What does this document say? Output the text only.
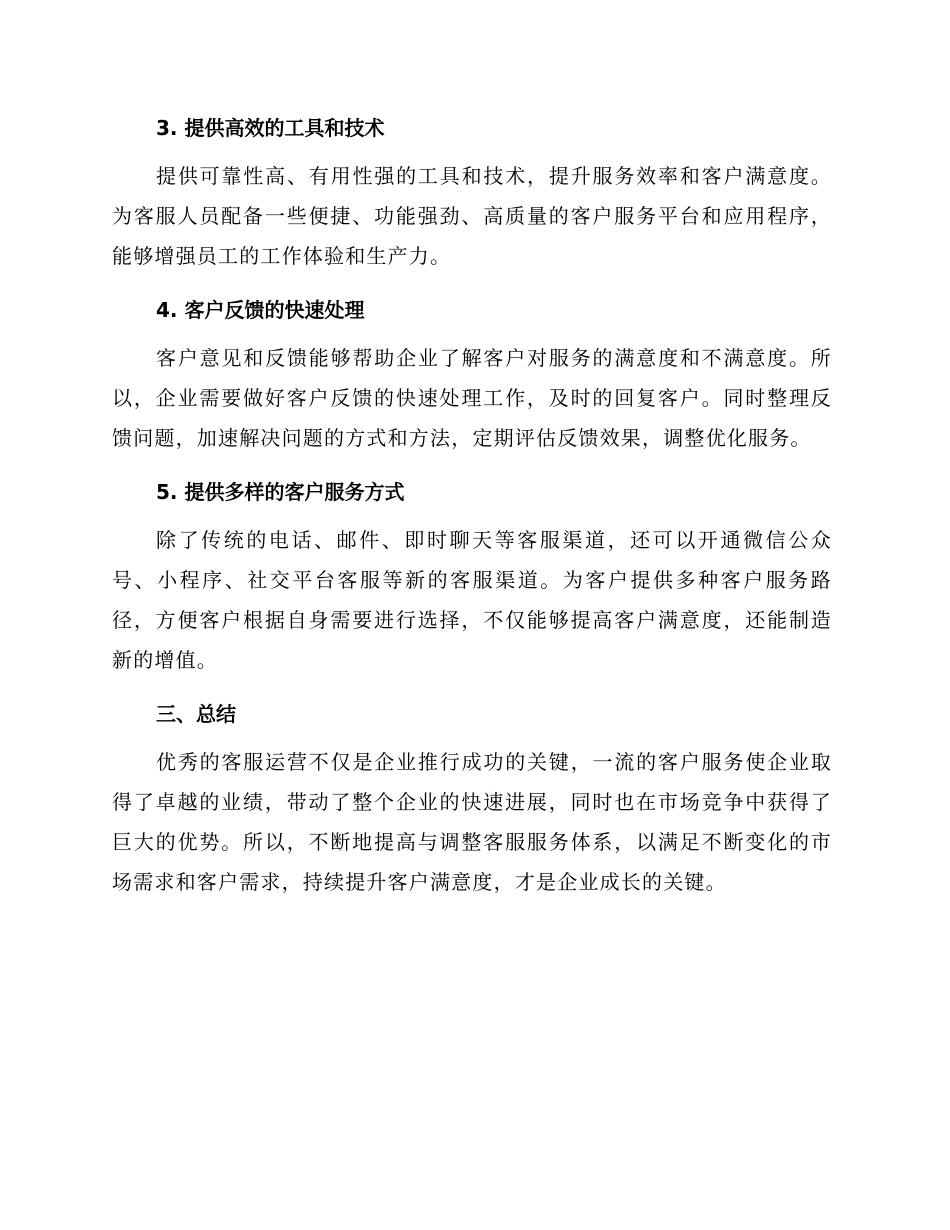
3. 提供高效的工具和技术

提供可靠性高、有用性强的工具和技术，提升服务效率和客户满意度。为客服人员配备一些便捷、功能强劲、高质量的客户服务平台和应用程序，能够增强员工的工作体验和生产力。

4. 客户反馈的快速处理

客户意见和反馈能够帮助企业了解客户对服务的满意度和不满意度。所以，企业需要做好客户反馈的快速处理工作，及时的回复客户。同时整理反馈问题，加速解决问题的方式和方法，定期评估反馈效果，调整优化服务。

5. 提供多样的客户服务方式

除了传统的电话、邮件、即时聊天等客服渠道，还可以开通微信公众号、小程序、社交平台客服等新的客服渠道。为客户提供多种客户服务路径，方便客户根据自身需要进行选择，不仅能够提高客户满意度，还能制造新的增值。

三、总结

优秀的客服运营不仅是企业推行成功的关键，一流的客户服务使企业取得了卓越的业绩，带动了整个企业的快速进展，同时也在市场竞争中获得了巨大的优势。所以，不断地提高与调整客服服务体系，以满足不断变化的市场需求和客户需求，持续提升客户满意度，才是企业成长的关键。
